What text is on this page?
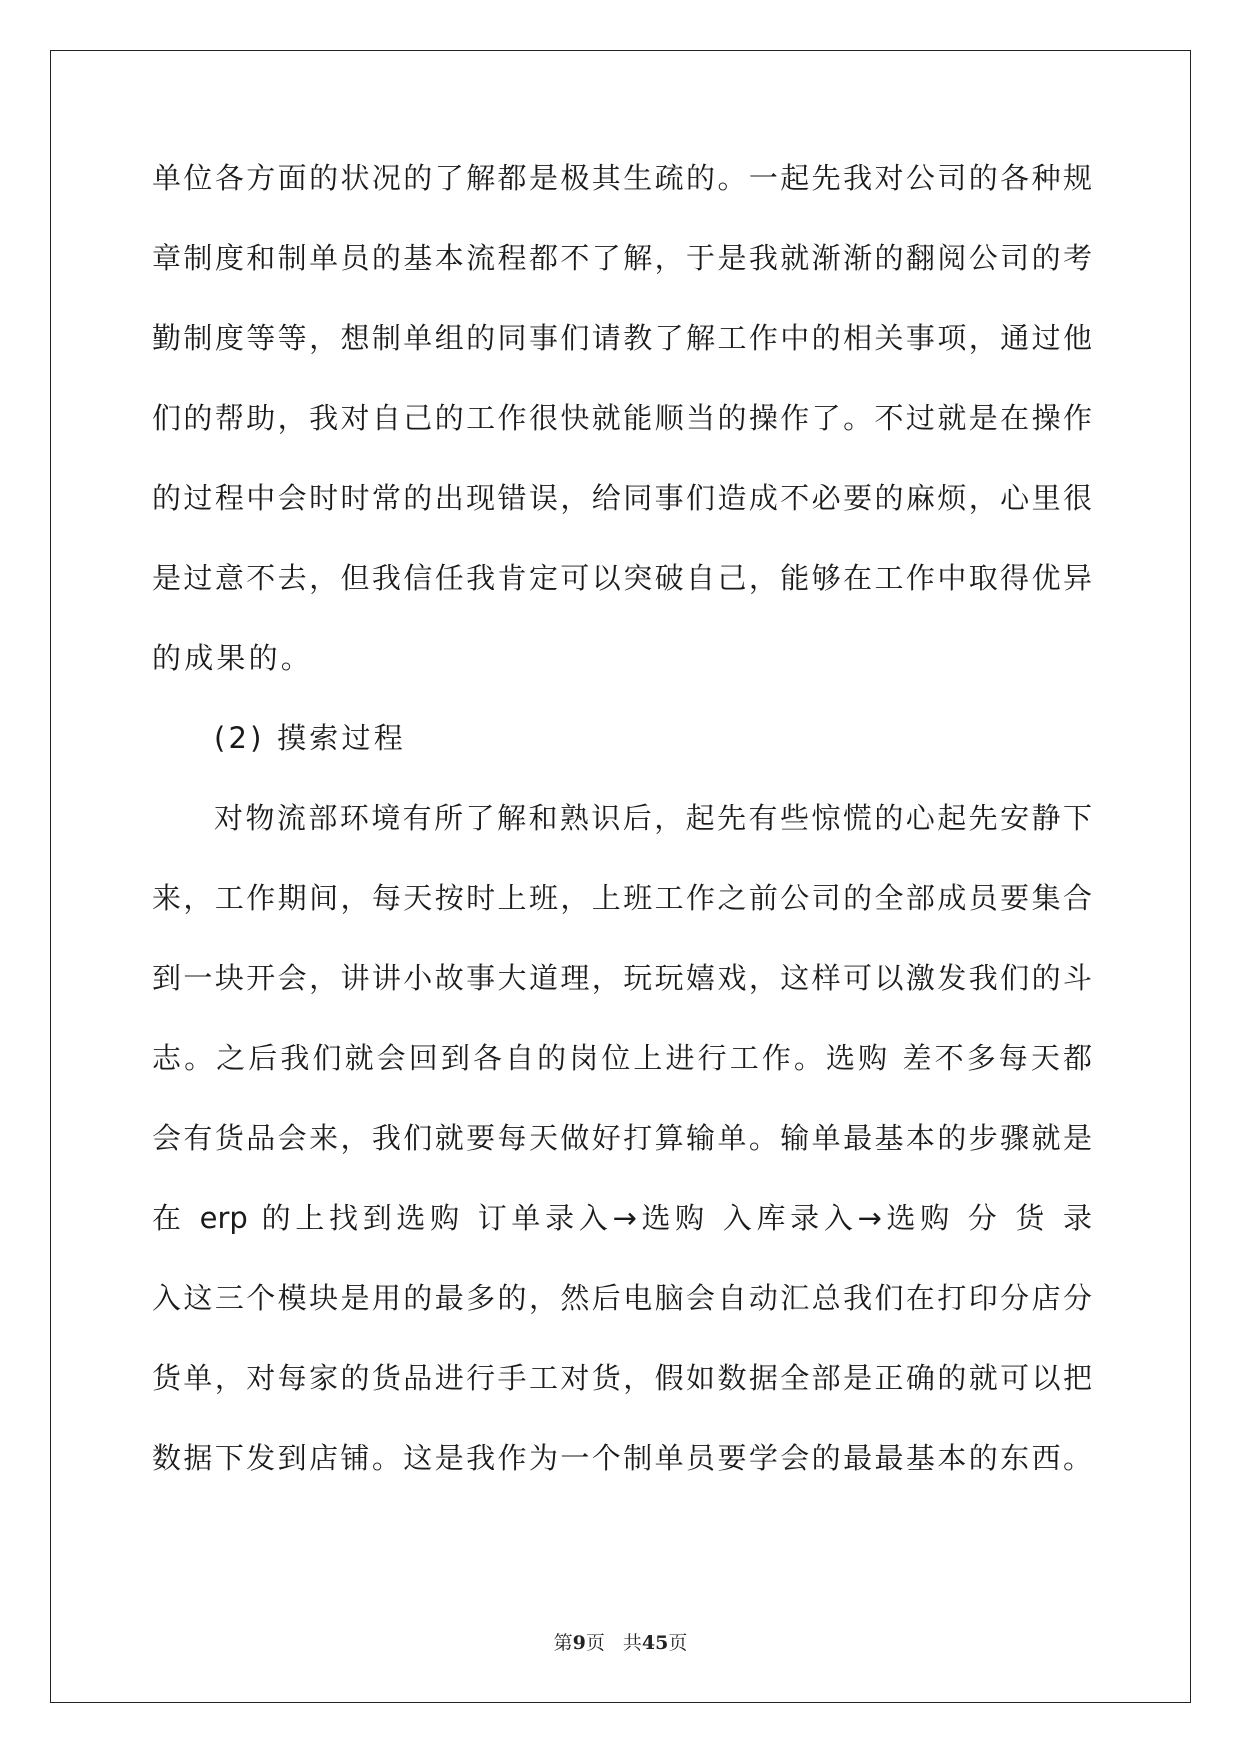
单位各方面的状况的了解都是极其生疏的。一起先我对公司的各种规
章制度和制单员的基本流程都不了解，于是我就渐渐的翻阅公司的考
勤制度等等，想制单组的同事们请教了解工作中的相关事项，通过他
们的帮助，我对自己的工作很快就能顺当的操作了。不过就是在操作
的过程中会时时常的出现错误，给同事们造成不必要的麻烦，心里很
是过意不去，但我信任我肯定可以突破自己，能够在工作中取得优异
的成果的。
(2) 摸索过程
对物流部环境有所了解和熟识后，起先有些惊慌的心起先安静下
来，工作期间，每天按时上班，上班工作之前公司的全部成员要集合
到一块开会，讲讲小故事大道理，玩玩嬉戏，这样可以激发我们的斗
志。之后我们就会回到各自的岗位上进行工作。选购 差不多每天都
会有货品会来，我们就要每天做好打算输单。输单最基本的步骤就是
在 erp 的上找到选购 订单录入→选购 入库录入→选购 分 货 录
入这三个模块是用的最多的，然后电脑会自动汇总我们在打印分店分
货单，对每家的货品进行手工对货，假如数据全部是正确的就可以把
数据下发到店铺。这是我作为一个制单员要学会的最最基本的东西。
第9页 共45页
